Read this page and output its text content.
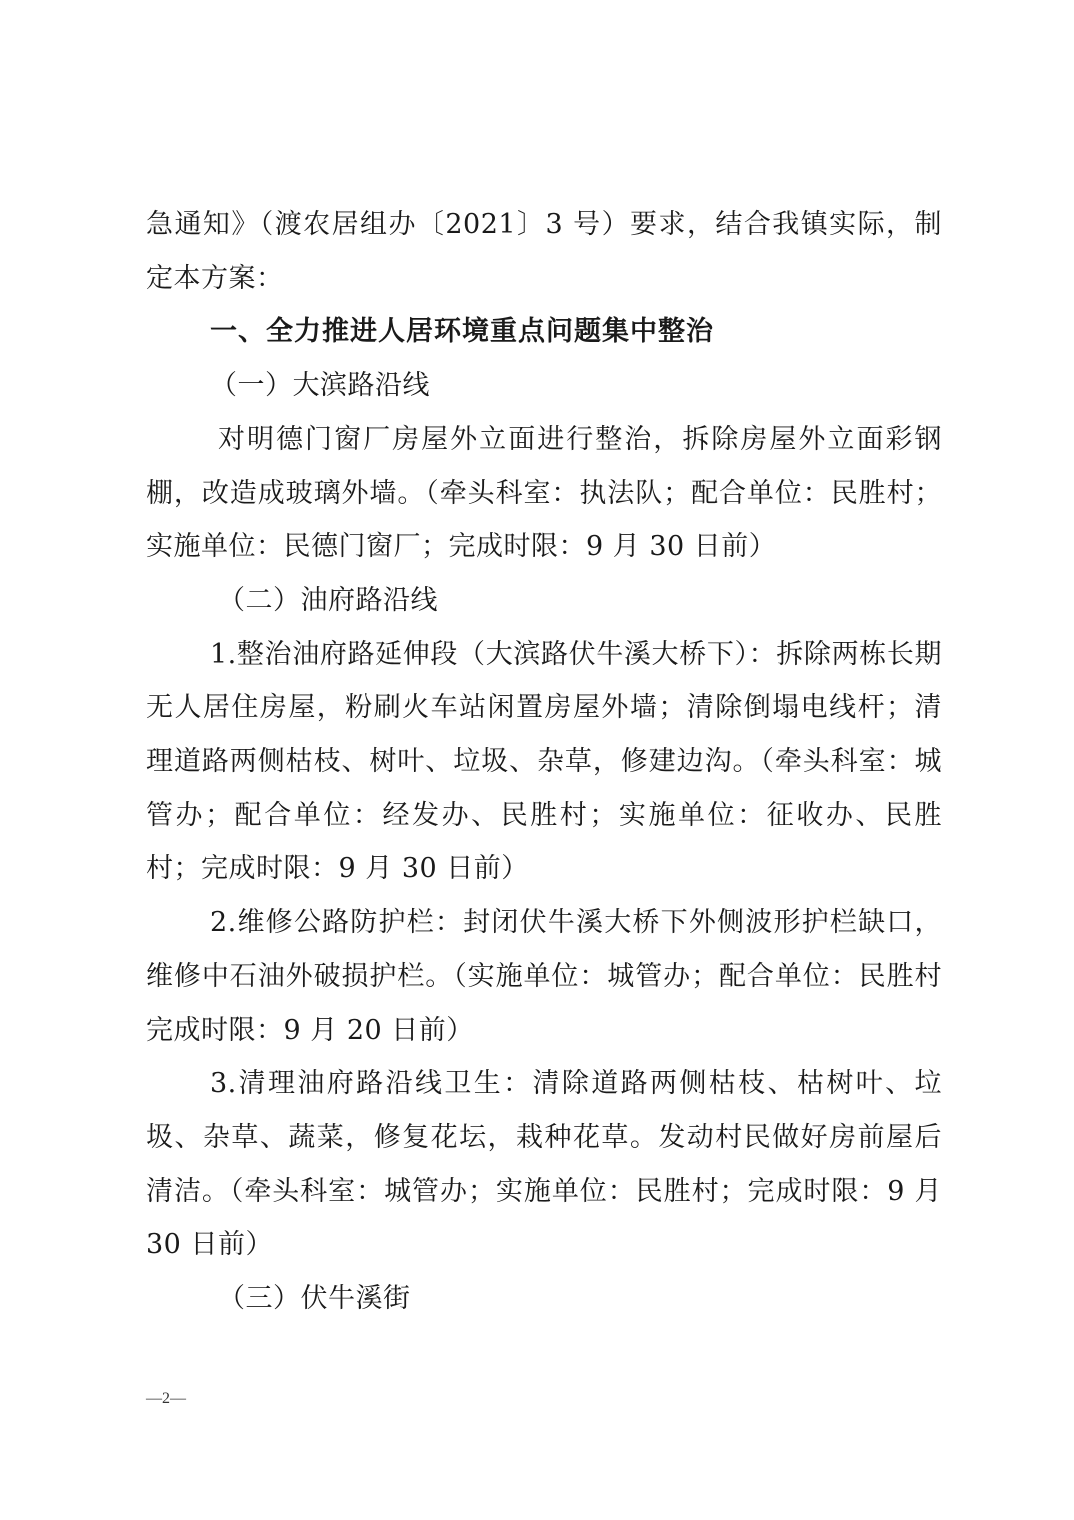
急通知》（渡农居组办〔2021〕3 号）要求，结合我镇实际，制定本方案：

一、全力推进人居环境重点问题集中整治

（一）大滨路沿线

对明德门窗厂房屋外立面进行整治，拆除房屋外立面彩钢棚，改造成玻璃外墙。（牵头科室：执法队；配合单位：民胜村；实施单位：民德门窗厂；完成时限：9 月 30 日前）

（二）油府路沿线

1.整治油府路延伸段（大滨路伏牛溪大桥下）：拆除两栋长期无人居住房屋，粉刷火车站闲置房屋外墙；清除倒塌电线杆；清理道路两侧枯枝、树叶、垃圾、杂草，修建边沟。（牵头科室：城管办；配合单位：经发办、民胜村；实施单位：征收办、民胜村；完成时限：9 月 30 日前）

2.维修公路防护栏：封闭伏牛溪大桥下外侧波形护栏缺口，维修中石油外破损护栏。（实施单位：城管办；配合单位：民胜村完成时限：9 月 20 日前）

3.清理油府路沿线卫生：清除道路两侧枯枝、枯树叶、垃圾、杂草、蔬菜，修复花坛，栽种花草。发动村民做好房前屋后清洁。（牵头科室：城管办；实施单位：民胜村；完成时限：9 月 30 日前）

（三）伏牛溪街

—2—
